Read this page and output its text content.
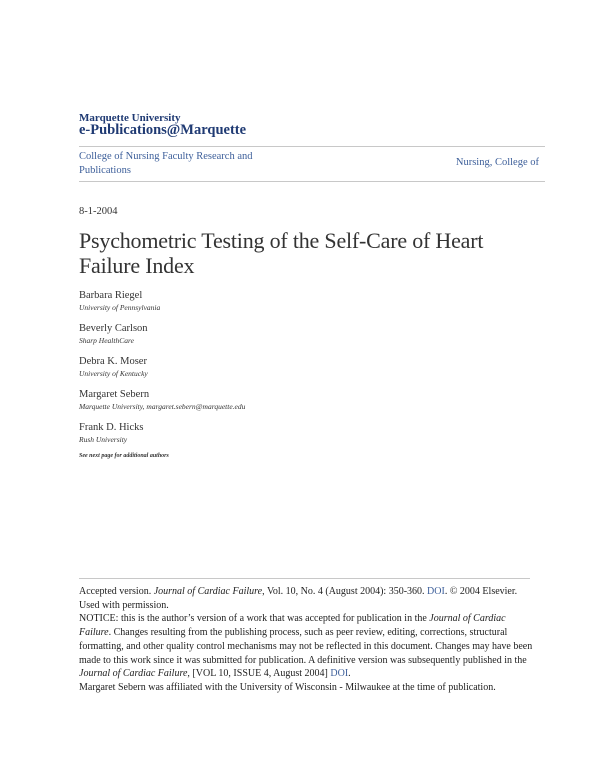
Marquette University
e-Publications@Marquette
College of Nursing Faculty Research and Publications
Nursing, College of
8-1-2004
Psychometric Testing of the Self-Care of Heart Failure Index
Barbara Riegel
University of Pennsylvania
Beverly Carlson
Sharp HealthCare
Debra K. Moser
University of Kentucky
Margaret Sebern
Marquette University, margaret.sebern@marquette.edu
Frank D. Hicks
Rush University
See next page for additional authors

Accepted version. Journal of Cardiac Failure, Vol. 10, No. 4 (August 2004): 350-360. DOI. © 2004 Elsevier. Used with permission.

NOTICE: this is the author’s version of a work that was accepted for publication in the Journal of Cardiac Failure. Changes resulting from the publishing process, such as peer review, editing, corrections, structural formatting, and other quality control mechanisms may not be reflected in this document. Changes may have been made to this work since it was submitted for publication. A definitive version was subsequently published in the Journal of Cardiac Failure, [VOL 10, ISSUE 4, August 2004] DOI.

Margaret Sebern was affiliated with the University of Wisconsin - Milwaukee at the time of publication.
